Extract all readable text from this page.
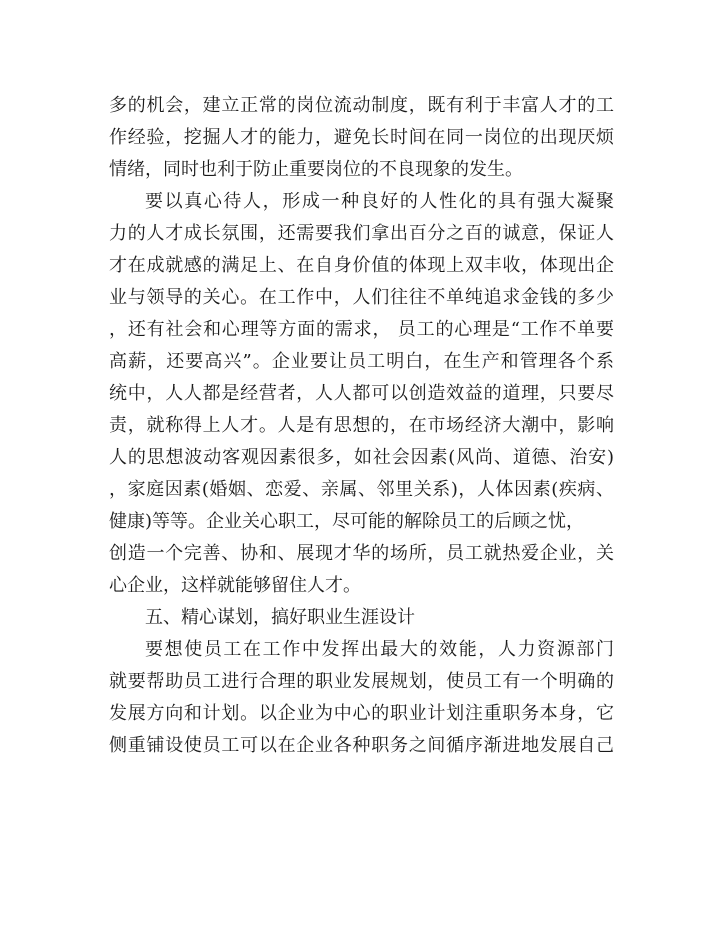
多的机会，建立正常的岗位流动制度，既有利于丰富人才的工
作经验，挖掘人才的能力，避免长时间在同一岗位的出现厌烦
情绪，同时也利于防止重要岗位的不良现象的发生。
要以真心待人，形成一种良好的人性化的具有强大凝聚
力的人才成长氛围，还需要我们拿出百分之百的诚意，保证人
才在成就感的满足上、在自身价值的体现上双丰收，体现出企
业与领导的关心。在工作中，人们往往不单纯追求金钱的多少
，还有社会和心理等方面的需求， 员工的心理是“工作不单要
高薪，还要高兴”。企业要让员工明白，在生产和管理各个系
统中，人人都是经营者，人人都可以创造效益的道理，只要尽
责，就称得上人才。人是有思想的，在市场经济大潮中，影响
人的思想波动客观因素很多，如社会因素(风尚、道德、治安)
，家庭因素(婚姻、恋爱、亲属、邻里关系)，人体因素(疾病、
健康)等等。企业关心职工，尽可能的解除员工的后顾之忧，
创造一个完善、协和、展现才华的场所，员工就热爱企业，关
心企业，这样就能够留住人才。
五、精心谋划，搞好职业生涯设计
要想使员工在工作中发挥出最大的效能，人力资源部门
就要帮助员工进行合理的职业发展规划，使员工有一个明确的
发展方向和计划。以企业为中心的职业计划注重职务本身，它
侧重铺设使员工可以在企业各种职务之间循序渐进地发展自己
